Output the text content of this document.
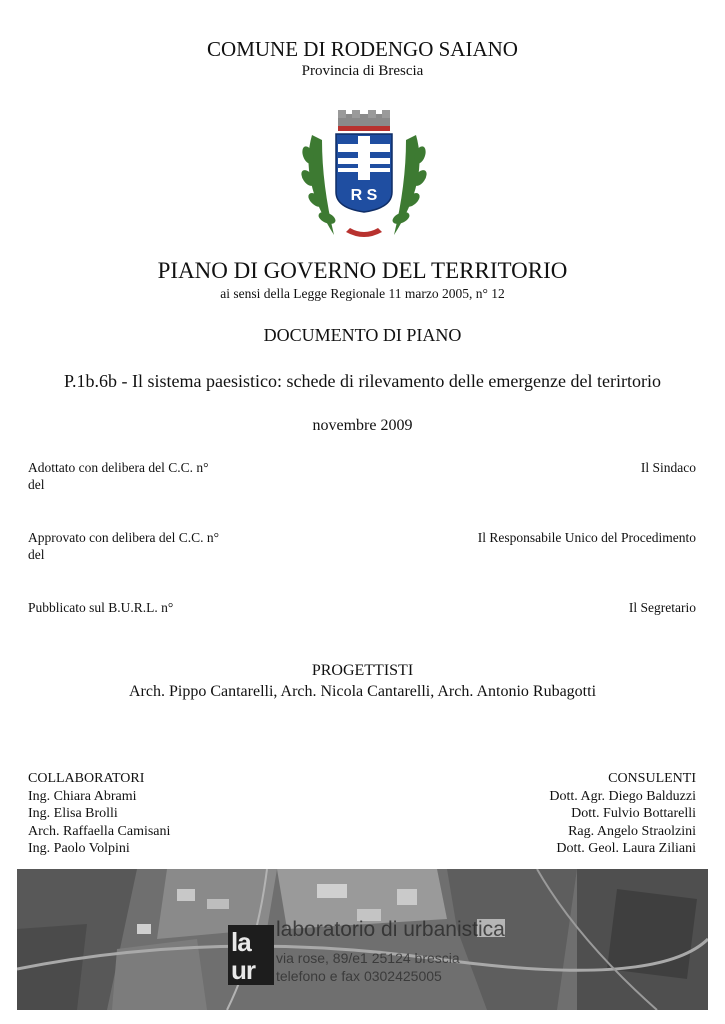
COMUNE DI RODENGO SAIANO
Provincia di Brescia
R S
PIANO DI GOVERNO DEL TERRITORIO
ai sensi della Legge Regionale 11 marzo 2005, n° 12
DOCUMENTO DI PIANO
P.1b.6b - Il sistema paesistico: schede di rilevamento delle emergenze del terirtorio
novembre 2009
Adottato con delibera del C.C. n°
del
Il Sindaco
Approvato con delibera del C.C. n°
del
Il Responsabile Unico del Procedimento
Pubblicato sul B.U.R.L. n°	Il Segretario
PROGETTISTI
Arch. Pippo Cantarelli, Arch. Nicola Cantarelli, Arch. Antonio Rubagotti
COLLABORATORI
Ing. Chiara Abrami
Ing. Elisa Brolli
Arch. Raffaella Camisani
Ing. Paolo Volpini
CONSULENTI
Dott. Agr. Diego Balduzzi
Dott. Fulvio Bottarelli
Rag. Angelo Straolzini
Dott. Geol. Laura Ziliani
la
ur
laboratorio di urbanistica
via rose, 89/e1 25124 brescia
telefono e fax 0302425005
